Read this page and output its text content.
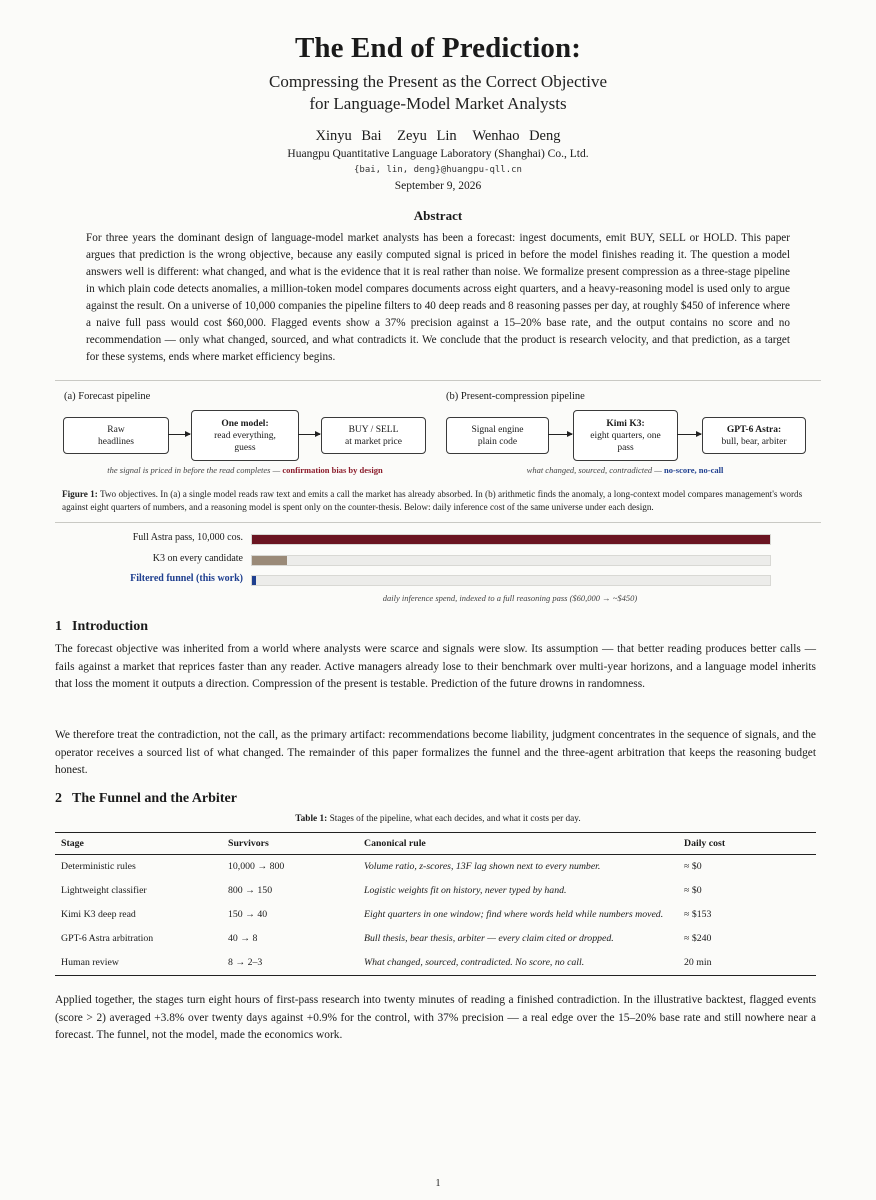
The End of Prediction:
Compressing the Present as the Correct Objective
for Language-Model Market Analysts
Xinyu Bai Zeyu Lin Wenhao Deng
Huangpu Quantitative Language Laboratory (Shanghai) Co., Ltd.
{bai, lin, deng}@huangpu-qll.cn
September 9, 2026
Abstract
For three years the dominant design of language-model market analysts has been a forecast: ingest documents, emit BUY, SELL or HOLD. This paper argues that prediction is the wrong objective, because any easily computed signal is priced in before the model finishes reading it. The question a model answers well is different: what changed, and what is the evidence that it is real rather than noise. We formalize present compression as a three-stage pipeline in which plain code detects anomalies, a million-token model compares documents across eight quarters, and a heavy-reasoning model is used only to argue against the result. On a universe of 10,000 companies the pipeline filters to 40 deep reads and 8 reasoning passes per day, at roughly $450 of inference where a naive full pass would cost $60,000. Flagged events show a 37% precision against a 15–20% base rate, and the output contains no score and no recommendation — only what changed, sourced, and what contradicts it. We conclude that the product is research velocity, and that prediction, as a target for these systems, ends where market efficiency begins.
(a) Forecast pipeline
Raw
headlines
One model:
read everything,
guess
BUY / SELL
at market price
the signal is priced in before the read completes — confirmation bias by design
(b) Present-compression pipeline
Signal engine
plain code
Kimi K3:
eight quarters, one
pass
GPT-6 Astra:
bull, bear, arbiter
what changed, sourced, contradicted — no-score, no-call
Figure 1: Two objectives. In (a) a single model reads raw text and emits a call the market has already absorbed. In (b) arithmetic finds the anomaly, a long-context model compares management's words against eight quarters of numbers, and a reasoning model is spent only on the counter-thesis. Below: daily inference cost of the same universe under each design.
Full Astra pass, 10,000 cos.
K3 on every candidate
Filtered funnel (this work)
daily inference spend, indexed to a full reasoning pass ($60,000 → ~$450)
1 Introduction
The forecast objective was inherited from a world where analysts were scarce and signals were slow. Its assumption — that better reading produces better calls — fails against a market that reprices faster than any reader. Active managers already lose to their benchmark over multi-year horizons, and a language model inherits that loss the moment it outputs a direction. Compression of the present is testable. Prediction of the future drowns in randomness.
We therefore treat the contradiction, not the call, as the primary artifact: recommendations become liability, judgment concentrates in the sequence of signals, and the operator receives a sourced list of what changed. The remainder of this paper formalizes the funnel and the three-agent arbitration that keeps the reasoning budget honest.
2 The Funnel and the Arbiter
Table 1: Stages of the pipeline, what each decides, and what it costs per day.
Stage	Survivors	Canonical rule	Daily cost
Deterministic rules	10,000 → 800	Volume ratio, z-scores, 13F lag shown next to every number.	≈ $0
Lightweight classifier	800 → 150	Logistic weights fit on history, never typed by hand.	≈ $0
Kimi K3 deep read	150 → 40	Eight quarters in one window; find where words held while numbers moved.	≈ $153
GPT-6 Astra arbitration	40 → 8	Bull thesis, bear thesis, arbiter — every claim cited or dropped.	≈ $240
Human review	8 → 2–3	What changed, sourced, contradicted. No score, no call.	20 min
Applied together, the stages turn eight hours of first-pass research into twenty minutes of reading a finished contradiction. In the illustrative backtest, flagged events (score > 2) averaged +3.8% over twenty days against +0.9% for the control, with 37% precision — a real edge over the 15–20% base rate and still nowhere near a forecast. The funnel, not the model, made the economics work.
1
